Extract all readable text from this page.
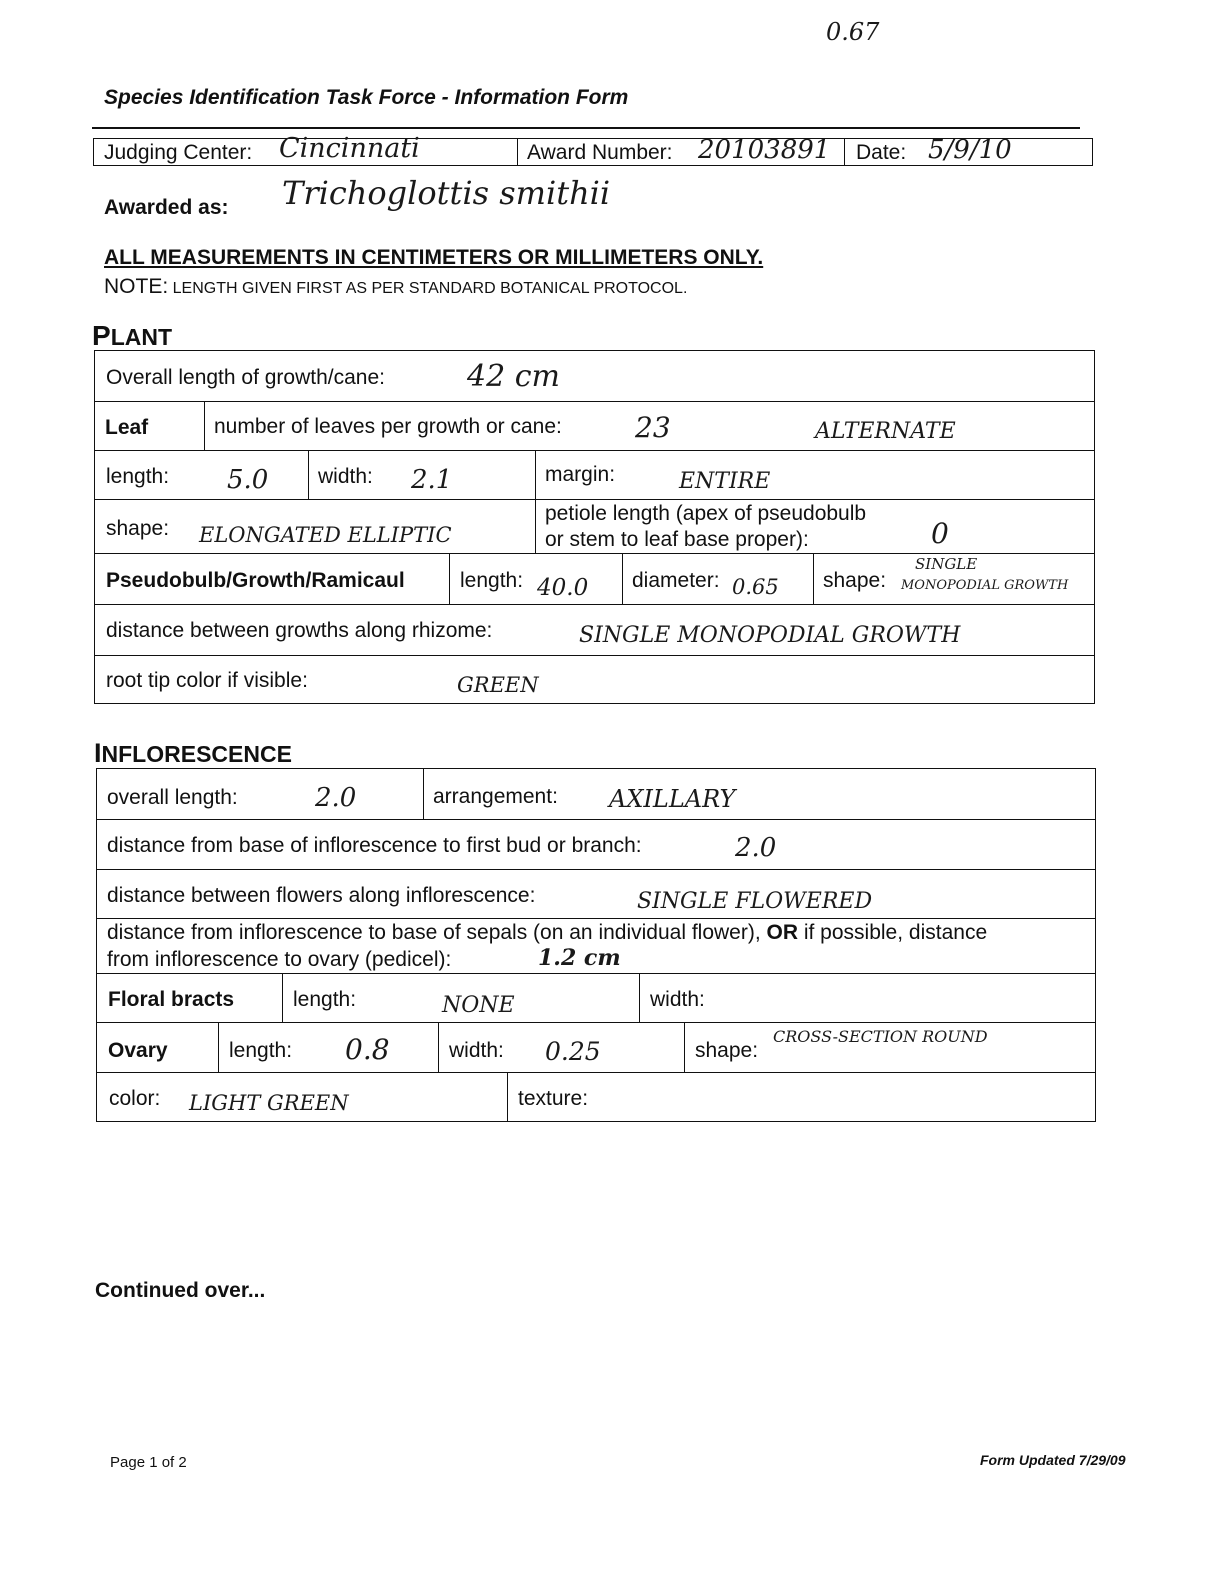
0.67
Species Identification Task Force - Information Form
Judging Center: Cincinnati	Award Number: 20103891 Date: 5/9/10
Awarded as: Trichoglottis smithii
ALL MEASUREMENTS IN CENTIMETERS OR MILLIMETERS ONLY.
NOTE: LENGTH GIVEN FIRST AS PER STANDARD BOTANICAL PROTOCOL.
PLANT
Overall length of growth/cane:	42 cm
Leaf	number of leaves per growth or cane:	23	ALTERNATE
length: 5.0 width: 2.1	margin:	ENTIRE
shape: ELONGATED ELLIPTIC
petiole length (apex of pseudobulb
or stem to leaf base proper):	0
Pseudobulb/Growth/Ramicaul	length: 40.0 diameter: 0.65 shape:
SINGLE
MONOPODIAL GROWTH
distance between growths along rhizome:	SINGLE MONOPODIAL GROWTH
root tip color if visible:	GREEN
INFLORESCENCE
overall length:	2.0	arrangement: AXILLARY
distance from base of inflorescence to first bud or branch:	2.0
distance between flowers along inflorescence:	SINGLE FLOWERED
distance from inflorescence to base of sepals (on an individual flower), OR if possible, distance
from inflorescence to ovary (pedicel):	1.2 cm
Floral bracts	length:	NONE	width:
Ovary	length: 0.8	width: 0.25	shape:
CROSS-SECTION ROUND
color: LIGHT GREEN	texture:
Continued over...
Page 1 of 2	Form Updated 7/29/09
